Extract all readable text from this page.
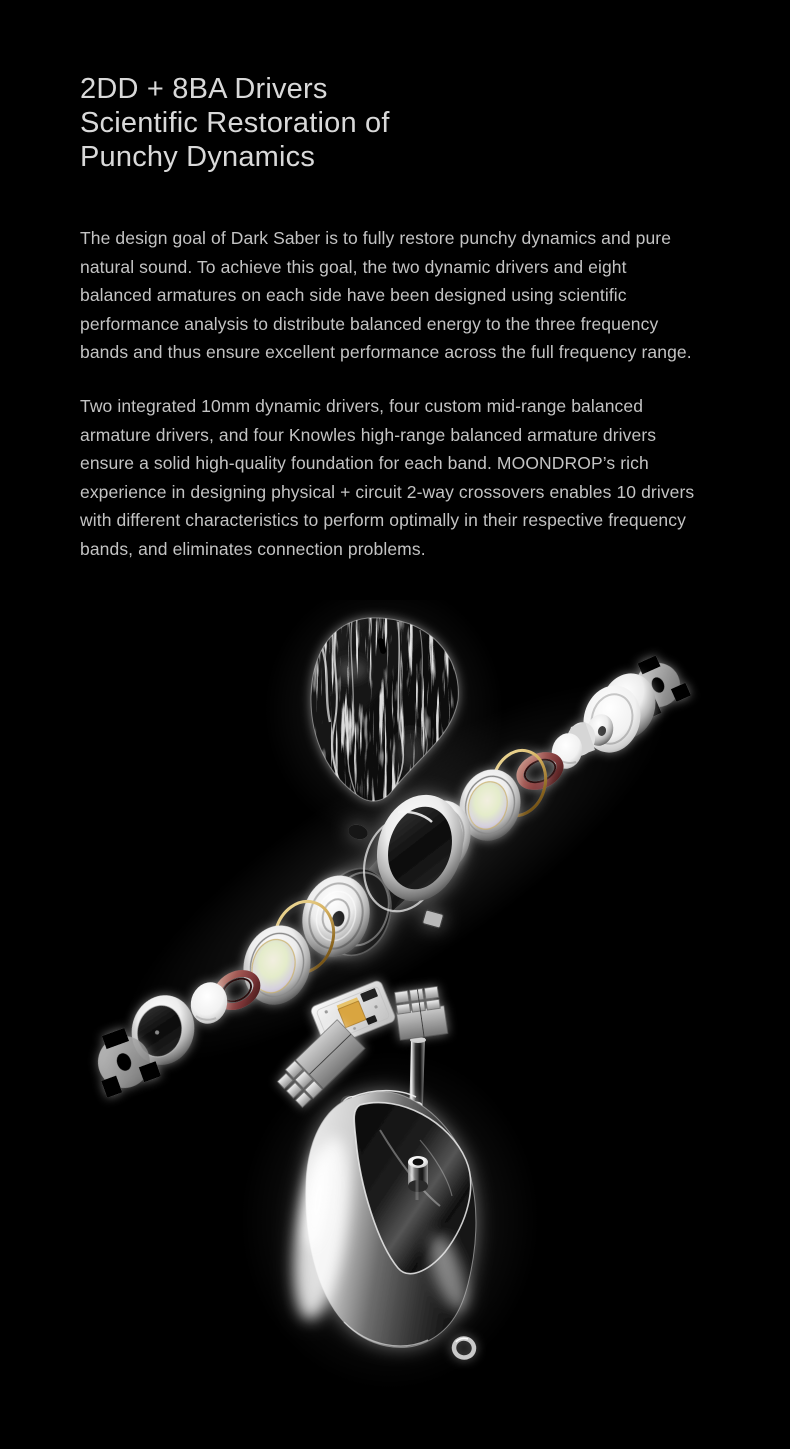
2DD + 8BA Drivers
Scientific Restoration of
Punchy Dynamics

The design goal of Dark Saber is to fully restore punchy dynamics and pure
natural sound. To achieve this goal, the two dynamic drivers and eight
balanced armatures on each side have been designed using scientific
performance analysis to distribute balanced energy to the three frequency
bands and thus ensure excellent performance across the full frequency range.

Two integrated 10mm dynamic drivers, four custom mid-range balanced
armature drivers, and four Knowles high-range balanced armature drivers
ensure a solid high-quality foundation for each band. MOONDROP’s rich
experience in designing physical + circuit 2-way crossovers enables 10 drivers
with different characteristics to perform optimally in their respective frequency
bands, and eliminates connection problems.
